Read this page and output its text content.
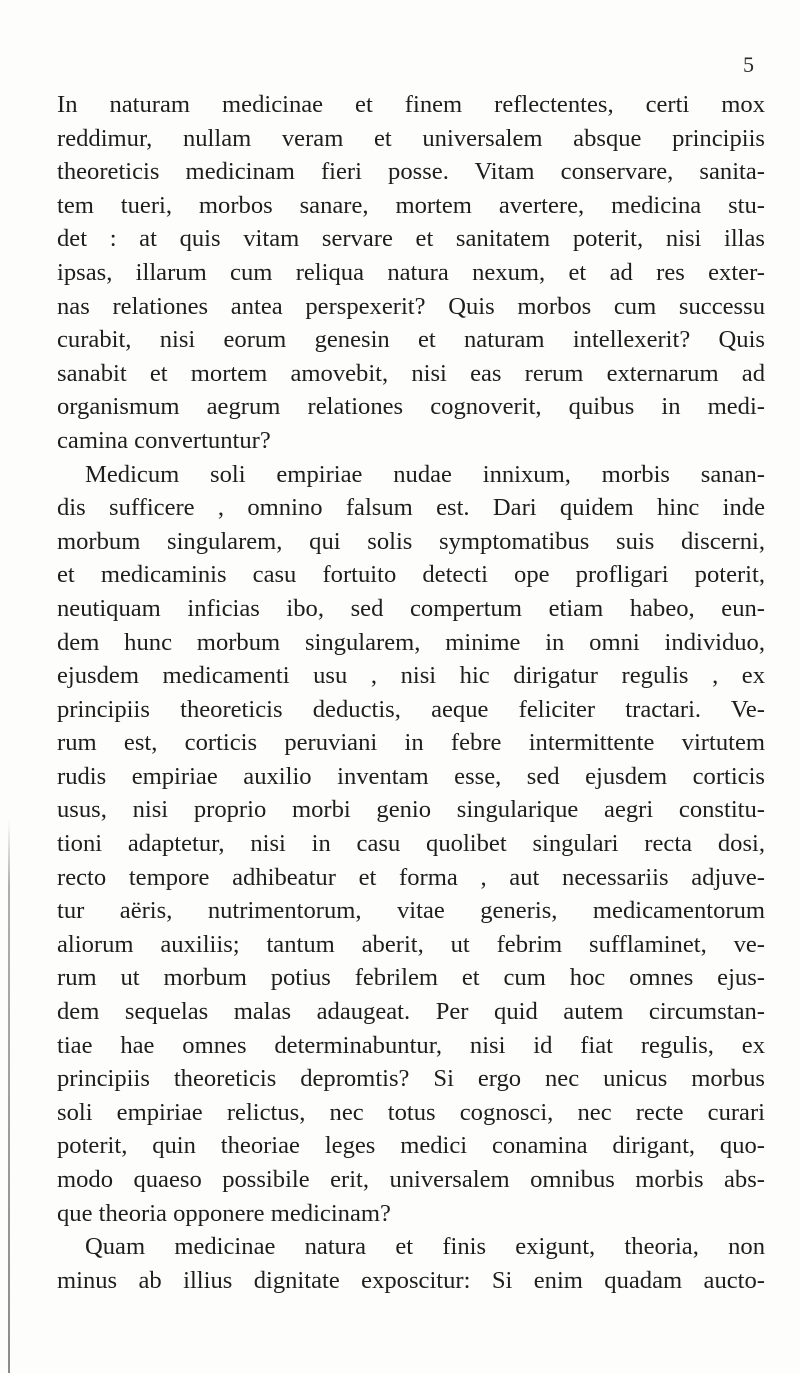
5
In naturam medicinae et finem reflectentes, certi mox
reddimur, nullam veram et universalem absque principiis
theoreticis medicinam fieri posse. Vitam conservare, sanita-
tem tueri, morbos sanare, mortem avertere, medicina stu-
det : at quis vitam servare et sanitatem poterit, nisi illas
ipsas, illarum cum reliqua natura nexum, et ad res exter-
nas relationes antea perspexerit? Quis morbos cum successu
curabit, nisi eorum genesin et naturam intellexerit? Quis
sanabit et mortem amovebit, nisi eas rerum externarum ad
organismum aegrum relationes cognoverit, quibus in medi-
camina convertuntur?
Medicum soli empiriae nudae innixum, morbis sanan-
dis sufficere , omnino falsum est. Dari quidem hinc inde
morbum singularem, qui solis symptomatibus suis discerni,
et medicaminis casu fortuito detecti ope profligari poterit,
neutiquam inficias ibo, sed compertum etiam habeo, eun-
dem hunc morbum singularem, minime in omni individuo,
ejusdem medicamenti usu , nisi hic dirigatur regulis , ex
principiis theoreticis deductis, aeque feliciter tractari. Ve-
rum est, corticis peruviani in febre intermittente virtutem
rudis empiriae auxilio inventam esse, sed ejusdem corticis
usus, nisi proprio morbi genio singularique aegri constitu-
tioni adaptetur, nisi in casu quolibet singulari recta dosi,
recto tempore adhibeatur et forma , aut necessariis adjuve-
tur aëris, nutrimentorum, vitae generis, medicamentorum
aliorum auxiliis; tantum aberit, ut febrim sufflaminet, ve-
rum ut morbum potius febrilem et cum hoc omnes ejus-
dem sequelas malas adaugeat. Per quid autem circumstan-
tiae hae omnes determinabuntur, nisi id fiat regulis, ex
principiis theoreticis depromtis? Si ergo nec unicus morbus
soli empiriae relictus, nec totus cognosci, nec recte curari
poterit, quin theoriae leges medici conamina dirigant, quo-
modo quaeso possibile erit, universalem omnibus morbis abs-
que theoria opponere medicinam?
Quam medicinae natura et finis exigunt, theoria, non
minus ab illius dignitate exposcitur: Si enim quadam aucto-
